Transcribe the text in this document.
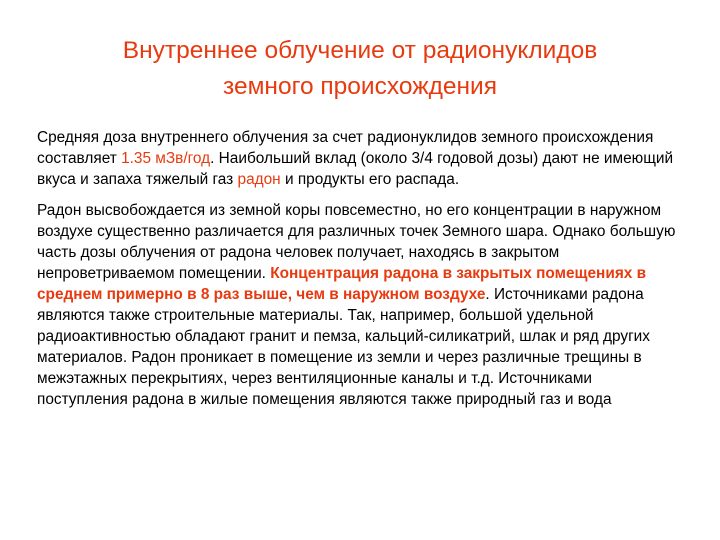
Внутреннее облучение от радионуклидов
земного происхождения

Средняя доза внутреннего облучения за счет радионуклидов земного происхождения составляет 1.35 мЗв/год. Наибольший вклад (около 3/4 годовой дозы) дают не имеющий вкуса и запаха тяжелый газ радон и продукты его распада.

Радон высвобождается из земной коры повсеместно, но его концентрации в наружном воздухе существенно различается для различных точек Земного шара. Однако большую часть дозы облучения от радона человек получает, находясь в закрытом непроветриваемом помещении. Концентрация радона в закрытых помещениях в среднем примерно в 8 раз выше, чем в наружном воздухе. Источниками радона являются также строительные материалы. Так, например, большой удельной радиоактивностью обладают гранит и пемза, кальций-силикатрий, шлак и ряд других материалов. Радон проникает в помещение из земли и через различные трещины в межэтажных перекрытиях, через вентиляционные каналы и т.д. Источниками поступления радона в жилые помещения являются также природный газ и вода
